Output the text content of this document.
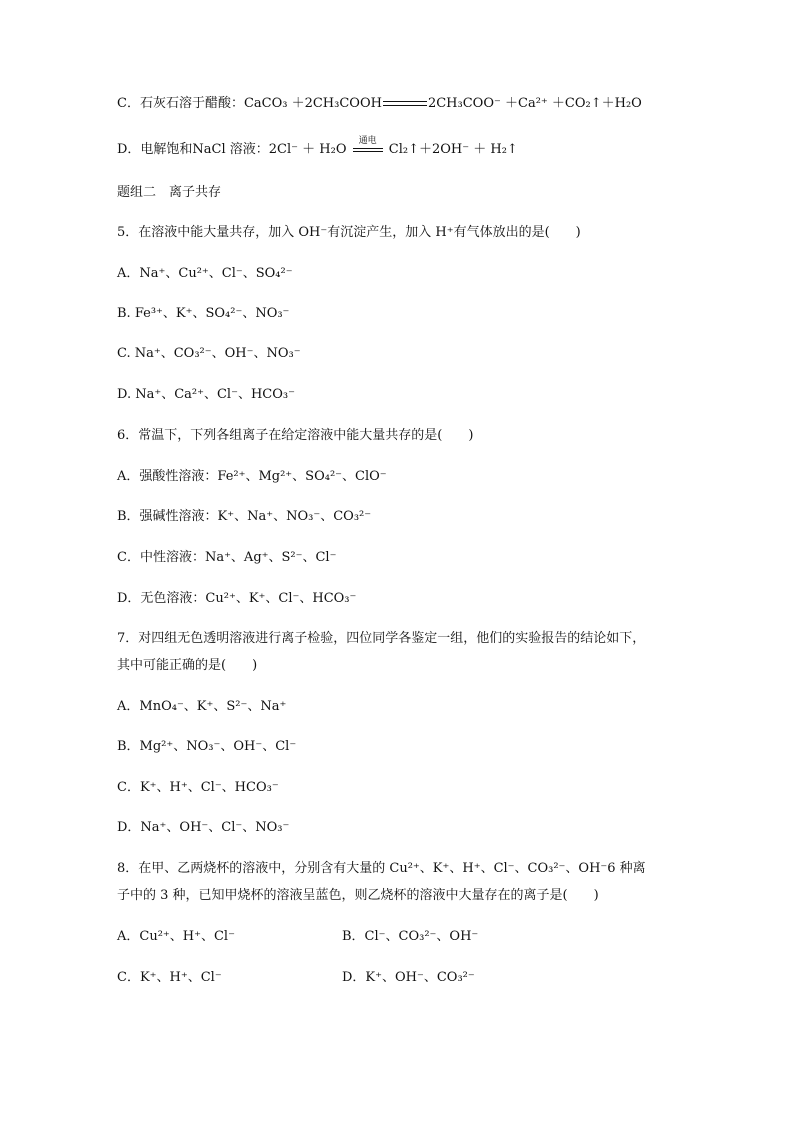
C．石灰石溶于醋酸：CaCO₃ ＋2CH₃COOH	2CH₃COO⁻ ＋Ca²⁺ ＋CO₂↑＋H₂O
D．电解饱和NaCl 溶液：2Cl⁻ ＋ H₂O
通电
Cl₂↑＋2OH⁻ ＋ H₂↑
题组二　离子共存
5．在溶液中能大量共存，加入 OH⁻有沉淀产生，加入 H⁺有气体放出的是(　　)
A．Na⁺、Cu²⁺、Cl⁻、SO₄²⁻
B. Fe³⁺、K⁺、SO₄²⁻、NO₃⁻
C. Na⁺、CO₃²⁻、OH⁻、NO₃⁻
D. Na⁺、Ca²⁺、Cl⁻、HCO₃⁻
6．常温下，下列各组离子在给定溶液中能大量共存的是(　　)
A．强酸性溶液：Fe²⁺、Mg²⁺、SO₄²⁻、ClO⁻
B．强碱性溶液：K⁺、Na⁺、NO₃⁻、CO₃²⁻
C．中性溶液：Na⁺、Ag⁺、S²⁻、Cl⁻
D．无色溶液：Cu²⁺、K⁺、Cl⁻、HCO₃⁻
7．对四组无色透明溶液进行离子检验，四位同学各鉴定一组，他们的实验报告的结论如下，
其中可能正确的是(　　)
A．MnO₄⁻、K⁺、S²⁻、Na⁺
B．Mg²⁺、NO₃⁻、OH⁻、Cl⁻
C．K⁺、H⁺、Cl⁻、HCO₃⁻
D．Na⁺、OH⁻、Cl⁻、NO₃⁻
8．在甲、乙两烧杯的溶液中，分别含有大量的 Cu²⁺、K⁺、H⁺、Cl⁻、CO₃²⁻、OH⁻6 种离
子中的 3 种，已知甲烧杯的溶液呈蓝色，则乙烧杯的溶液中大量存在的离子是(　　)
A．Cu²⁺、H⁺、Cl⁻	B．Cl⁻、CO₃²⁻、OH⁻
C．K⁺、H⁺、Cl⁻	D．K⁺、OH⁻、CO₃²⁻
